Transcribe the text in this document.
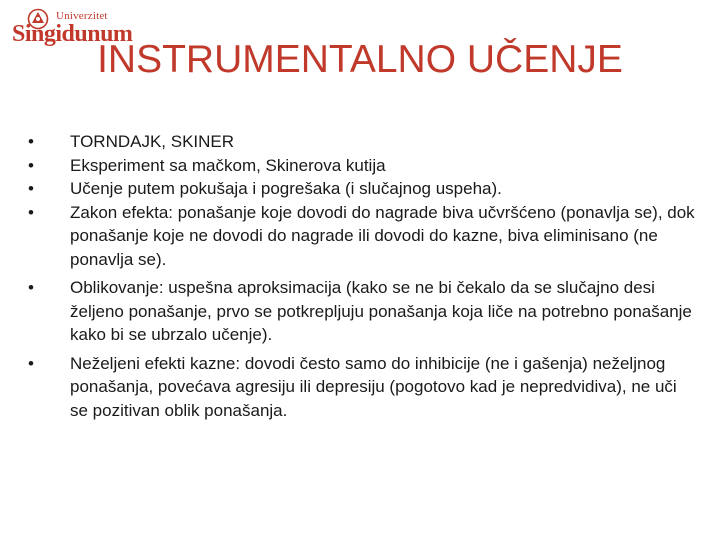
Univerzitet
Singidunum
INSTRUMENTALNO UČENJE
•	TORNDAJK, SKINER
•	Eksperiment sa mačkom, Skinerova kutija
•	Učenje putem pokušaja i pogrešaka (i slučajnog uspeha).
•	Zakon efekta: ponašanje koje dovodi do nagrade biva učvršćeno (ponavlja se), dok ponašanje koje ne dovodi do nagrade ili dovodi do kazne, biva eliminisano (ne ponavlja se).
•	Oblikovanje: uspešna aproksimacija (kako se ne bi čekalo da se slučajno desi željeno ponašanje, prvo se potkrepljuju ponašanja koja liče na potrebno ponašanje kako bi se ubrzalo učenje).
•	Neželjeni efekti kazne: dovodi često samo do inhibicije (ne i gašenja) neželjnog ponašanja, povećava agresiju ili depresiju (pogotovo kad je nepredvidiva), ne uči se pozitivan oblik ponašanja.
